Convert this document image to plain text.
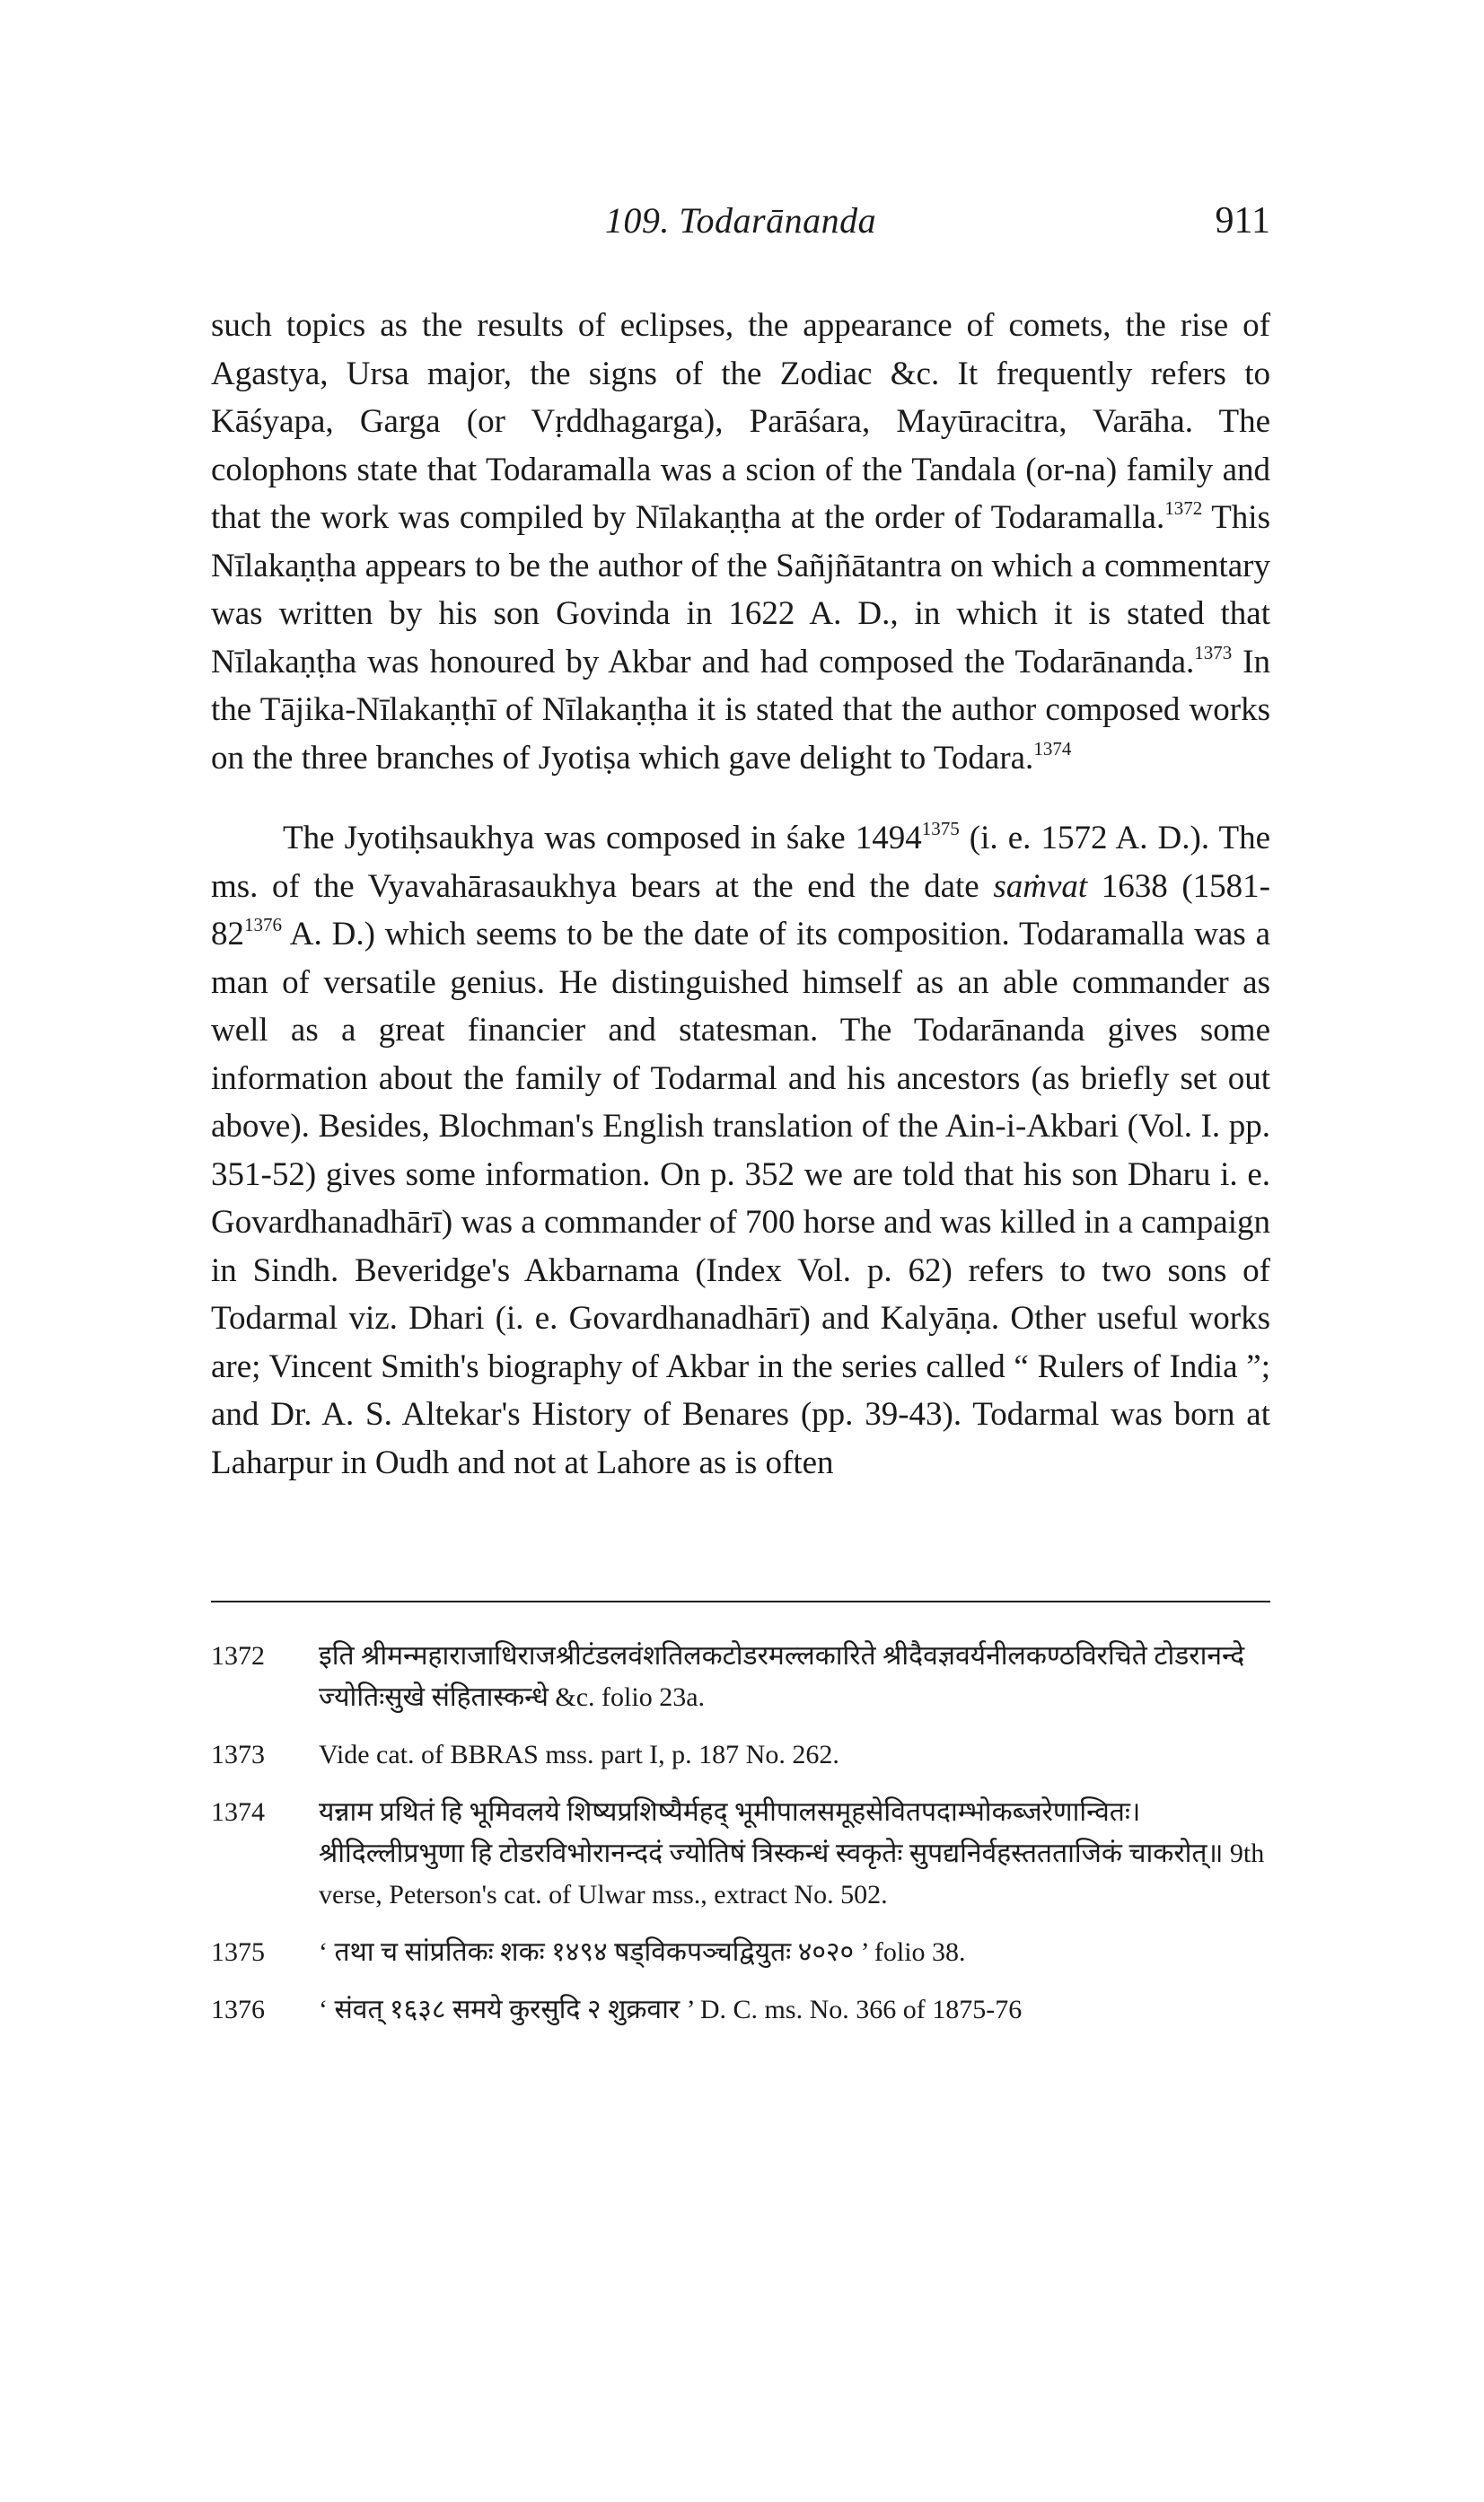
109. Todarānanda	911

such topics as the results of eclipses, the appearance of comets, the rise of Agastya, Ursa major, the signs of the Zodiac &c. It frequently refers to Kāśyapa, Garga (or Vṛddhagarga), Parāśara, Mayūracitra, Varāha. The colophons state that Todaramalla was a scion of the Tandala (or-na) family and that the work was compiled by Nīlakaṇṭha at the order of Todaramalla.$^{1372}$ This Nīlakaṇṭha appears to be the author of the Sañjñātantra on which a commentary was written by his son Govinda in 1622 A. D., in which it is stated that Nīlakaṇṭha was honoured by Akbar and had composed the Todarānanda.$^{1373}$ In the Tājika-Nīlakaṇṭhī of Nīlakaṇṭha it is stated that the author composed works on the three branches of Jyotiṣa which gave delight to Todara.$^{1374}$

The Jyotiḥsaukhya was composed in śake $1494^{1375}$ (i. e. 1572 A. D.). The ms. of the Vyavahārasaukhya bears at the end the date saṁvat 1638 ($1581-82^{1376}$ A. D.) which seems to be the date of its composition. Todaramalla was a man of versatile genius. He distinguished himself as an able commander as well as a great financier and statesman. The Todarānanda gives some information about the family of Todarmal and his ancestors (as briefly set out above). Besides, Blochman's English translation of the Ain-i-Akbari (Vol. I. pp. 351-52) gives some information. On p. 352 we are told that his son Dharu i. e. Govardhanadhārī) was a commander of 700 horse and was killed in a campaign in Sindh. Beveridge's Akbarnama (Index Vol. p. 62) refers to two sons of Todarmal viz. Dhari (i. e. Govardhanadhārī) and Kalyāṇa. Other useful works are; Vincent Smith's biography of Akbar in the series called “ Rulers of India ”; and Dr. A. S. Altekar's History of Benares (pp. 39-43). Todarmal was born at Laharpur in Oudh and not at Lahore as is often

1372	इति श्रीमन्महाराजाधिराजश्रीटंडलवंशतिलकटोडरमल्लकारिते श्रीदैवज्ञवर्यनीलकण्ठविरचिते टोडरानन्दे ज्योतिःसुखे संहितास्कन्धे &c. folio 23a.
1373	Vide cat. of BBRAS mss. part I, p. 187 No. 262.
1374	यन्नाम प्रथितं हि भूमिवलये शिष्यप्रशिष्यैर्महद् भूमीपालसमूहसेवितपदाम्भोकब्जरेणान्वितः। श्रीदिल्लीप्रभुणा हि टोडरविभोरानन्ददं ज्योतिषं त्रिस्कन्धं स्वकृतेः सुपद्यनिर्वहस्ततताजिकं चाकरोत्॥ 9th verse, Peterson's cat. of Ulwar mss., extract No. 502.
1375	‘ तथा च सांप्रतिकः शकः १४९४ षड्विकपञ्चद्वियुतः ४०२० ’ folio 38.
1376	‘ संवत् १६३८ समये कुरसुदि २ शुक्रवार ’ D. C. ms. No. 366 of 1875-76
